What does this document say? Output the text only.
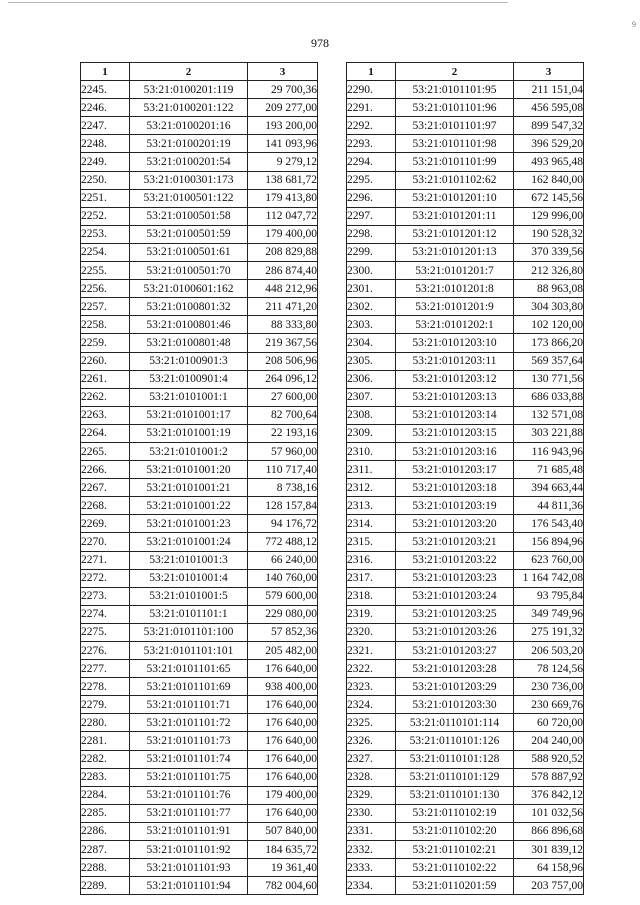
9
978
1	2	3
2245.	53:21:0100201:119	29 700,36
2246.	53:21:0100201:122	209 277,00
2247.	53:21:0100201:16	193 200,00
2248.	53:21:0100201:19	141 093,96
2249.	53:21:0100201:54	9 279,12
2250.	53:21:0100301:173	138 681,72
2251.	53:21:0100501:122	179 413,80
2252.	53:21:0100501:58	112 047,72
2253.	53:21:0100501:59	179 400,00
2254.	53:21:0100501:61	208 829,88
2255.	53:21:0100501:70	286 874,40
2256.	53:21:0100601:162	448 212,96
2257.	53:21:0100801:32	211 471,20
2258.	53:21:0100801:46	88 333,80
2259.	53:21:0100801:48	219 367,56
2260.	53:21:0100901:3	208 506,96
2261.	53:21:0100901:4	264 096,12
2262.	53:21:0101001:1	27 600,00
2263.	53:21:0101001:17	82 700,64
2264.	53:21:0101001:19	22 193,16
2265.	53:21:0101001:2	57 960,00
2266.	53:21:0101001:20	110 717,40
2267.	53:21:0101001:21	8 738,16
2268.	53:21:0101001:22	128 157,84
2269.	53:21:0101001:23	94 176,72
2270.	53:21:0101001:24	772 488,12
2271.	53:21:0101001:3	66 240,00
2272.	53:21:0101001:4	140 760,00
2273.	53:21:0101001:5	579 600,00
2274.	53:21:0101101:1	229 080,00
2275.	53:21:0101101:100	57 852,36
2276.	53:21:0101101:101	205 482,00
2277.	53:21:0101101:65	176 640,00
2278.	53:21:0101101:69	938 400,00
2279.	53:21:0101101:71	176 640,00
2280.	53:21:0101101:72	176 640,00
2281.	53:21:0101101:73	176 640,00
2282.	53:21:0101101:74	176 640,00
2283.	53:21:0101101:75	176 640,00
2284.	53:21:0101101:76	179 400,00
2285.	53:21:0101101:77	176 640,00
2286.	53:21:0101101:91	507 840,00
2287.	53:21:0101101:92	184 635,72
2288.	53:21:0101101:93	19 361,40
2289.	53:21:0101101:94	782 004,60
1	2	3
2290.	53:21:0101101:95	211 151,04
2291.	53:21:0101101:96	456 595,08
2292.	53:21:0101101:97	899 547,32
2293.	53:21:0101101:98	396 529,20
2294.	53:21:0101101:99	493 965,48
2295.	53:21:0101102:62	162 840,00
2296.	53:21:0101201:10	672 145,56
2297.	53:21:0101201:11	129 996,00
2298.	53:21:0101201:12	190 528,32
2299.	53:21:0101201:13	370 339,56
2300.	53:21:0101201:7	212 326,80
2301.	53:21:0101201:8	88 963,08
2302.	53:21:0101201:9	304 303,80
2303.	53:21:0101202:1	102 120,00
2304.	53:21:0101203:10	173 866,20
2305.	53:21:0101203:11	569 357,64
2306.	53:21:0101203:12	130 771,56
2307.	53:21:0101203:13	686 033,88
2308.	53:21:0101203:14	132 571,08
2309.	53:21:0101203:15	303 221,88
2310.	53:21:0101203:16	116 943,96
2311.	53:21:0101203:17	71 685,48
2312.	53:21:0101203:18	394 663,44
2313.	53:21:0101203:19	44 811,36
2314.	53:21:0101203:20	176 543,40
2315.	53:21:0101203:21	156 894,96
2316.	53:21:0101203:22	623 760,00
2317.	53:21:0101203:23	1 164 742,08
2318.	53:21:0101203:24	93 795,84
2319.	53:21:0101203:25	349 749,96
2320.	53:21:0101203:26	275 191,32
2321.	53:21:0101203:27	206 503,20
2322.	53:21:0101203:28	78 124,56
2323.	53:21:0101203:29	230 736,00
2324.	53:21:0101203:30	230 669,76
2325.	53:21:0110101:114	60 720,00
2326.	53:21:0110101:126	204 240,00
2327.	53:21:0110101:128	588 920,52
2328.	53:21:0110101:129	578 887,92
2329.	53:21:0110101:130	376 842,12
2330.	53:21:0110102:19	101 032,56
2331.	53:21:0110102:20	866 896,68
2332.	53:21:0110102:21	301 839,12
2333.	53:21:0110102:22	64 158,96
2334.	53:21:0110201:59	203 757,00
